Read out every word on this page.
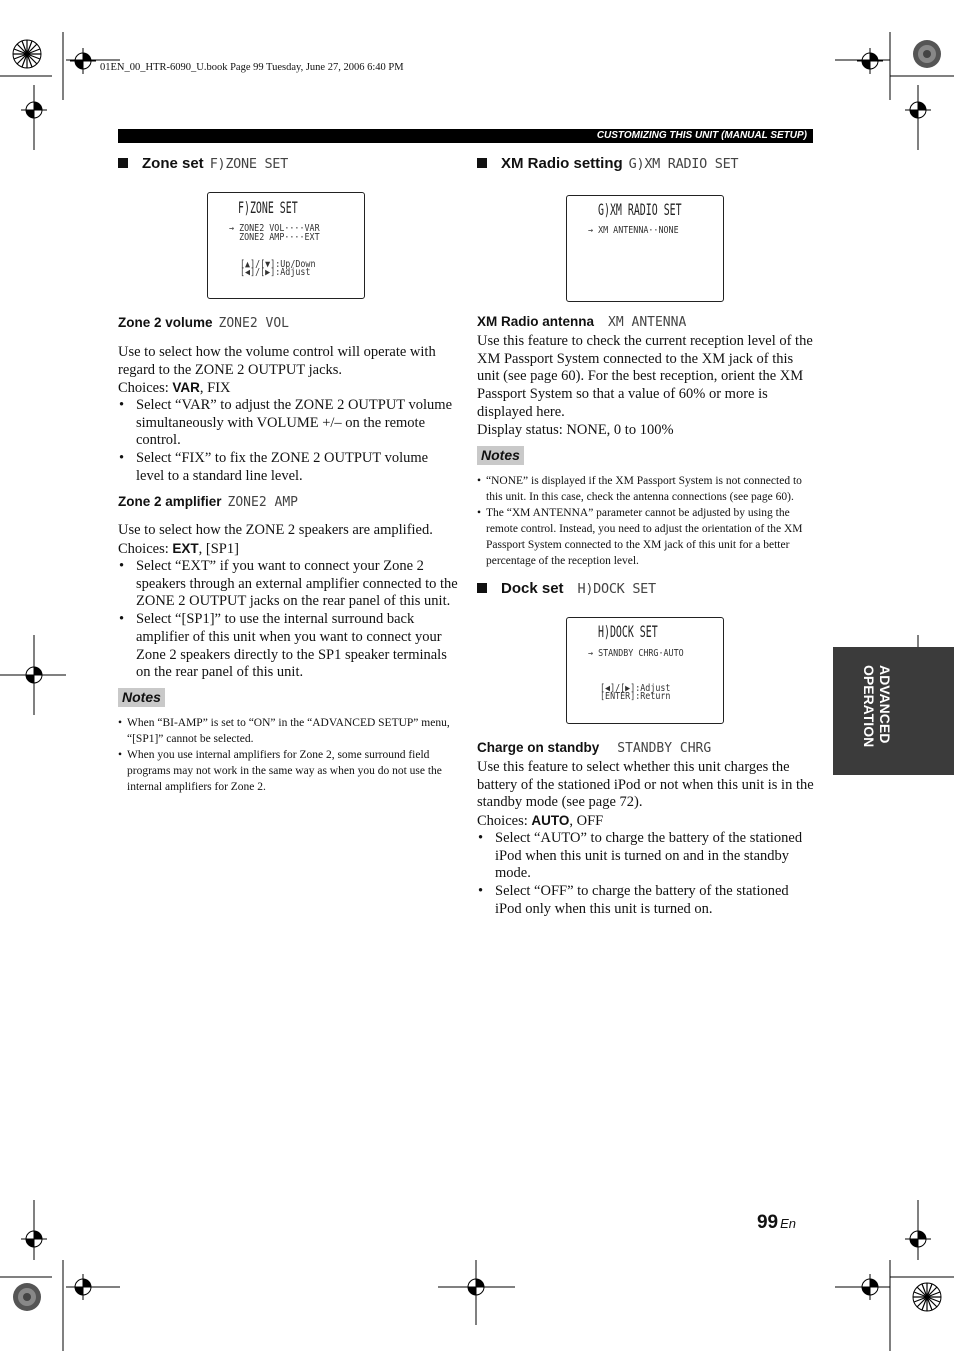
01EN_00_HTR-6090_U.book Page 99 Tuesday, June 27, 2006 6:40 PM
CUSTOMIZING THIS UNIT (MANUAL SETUP)
Zone set F)ZONE SET
F)ZONE SET
→ ZONE2 VOL····VAR
ZONE2 AMP····EXT
[▲]/[▼]:Up/Down
[◀]/[▶]:Adjust
Zone 2 volume ZONE2 VOL
Use to select how the volume control will operate with regard to the ZONE 2 OUTPUT jacks.
Choices: VAR, FIX
• Select “VAR” to adjust the ZONE 2 OUTPUT volume simultaneously with VOLUME +/– on the remote control.
• Select “FIX” to fix the ZONE 2 OUTPUT volume level to a standard line level.
Zone 2 amplifier ZONE2 AMP
Use to select how the ZONE 2 speakers are amplified.
Choices: EXT, [SP1]
• Select “EXT” if you want to connect your Zone 2 speakers through an external amplifier connected to the ZONE 2 OUTPUT jacks on the rear panel of this unit.
• Select “[SP1]” to use the internal surround back amplifier of this unit when you want to connect your Zone 2 speakers directly to the SP1 speaker terminals on the rear panel of this unit.
Notes
• When “BI-AMP” is set to “ON” in the “ADVANCED SETUP” menu, “[SP1]” cannot be selected.
• When you use internal amplifiers for Zone 2, some surround field programs may not work in the same way as when you do not use the internal amplifiers for Zone 2.
XM Radio setting G)XM RADIO SET
G)XM RADIO SET
→ XM ANTENNA··NONE
XM Radio antenna XM ANTENNA
Use this feature to check the current reception level of the XM Passport System connected to the XM jack of this unit (see page 60). For the best reception, orient the XM Passport System so that a value of 60% or more is displayed here.
Display status: NONE, 0 to 100%
Notes
• “NONE” is displayed if the XM Passport System is not connected to this unit. In this case, check the antenna connections (see page 60).
• The “XM ANTENNA” parameter cannot be adjusted by using the remote control. Instead, you need to adjust the orientation of the XM Passport System connected to the XM jack of this unit for a better percentage of the reception level.
Dock set H)DOCK SET
H)DOCK SET
→ STANDBY CHRG·AUTO
[◀]/[▶]:Adjust
[ENTER]:Return
Charge on standby STANDBY CHRG
Use this feature to select whether this unit charges the battery of the stationed iPod or not when this unit is in the standby mode (see page 72).
Choices: AUTO, OFF
• Select “AUTO” to charge the battery of the stationed iPod when this unit is turned on and in the standby mode.
• Select “OFF” to charge the battery of the stationed iPod only when this unit is turned on.
ADVANCED
OPERATION
99 En
